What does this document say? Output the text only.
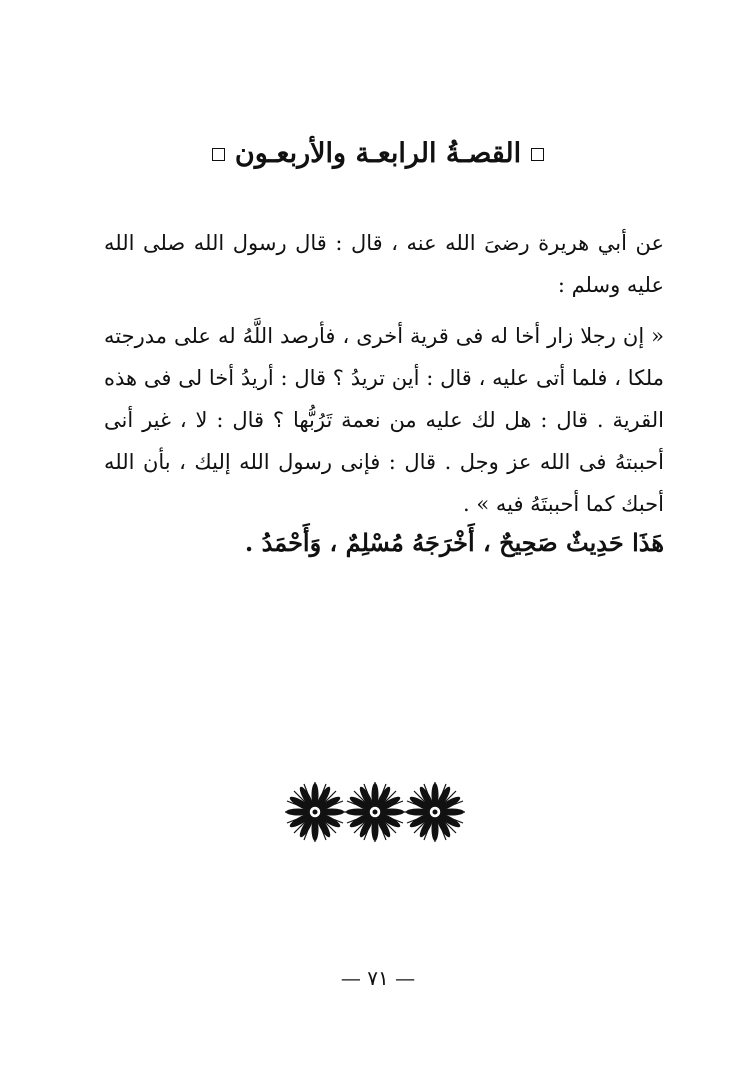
القصـةُ الرابعـة والأربعـون
عن أبي هريرة رضىَ الله عنه ، قال : قال رسول الله صلى الله عليه وسلم :
« إن رجلا زار أخا له فى قرية أخرى ، فأرصد اللَّهُ له على مدرجته ملكا ، فلما أتى عليه ، قال : أين تريدُ ؟ قال : أريدُ أخا لى فى هذه القرية . قال : هل لك عليه من نعمة تَرُبُّها ؟ قال : لا ، غير أنى أحببتهُ فى الله عز وجل . قال : فإنى رسول الله إليك ، بأن الله أحبك كما أحببتَهُ فيه » .
هَذَا حَدِيثٌ صَحِيحٌ ، أَخْرَجَهُ مُسْلِمٌ ، وَأَحْمَدُ .
— ٧١ —
